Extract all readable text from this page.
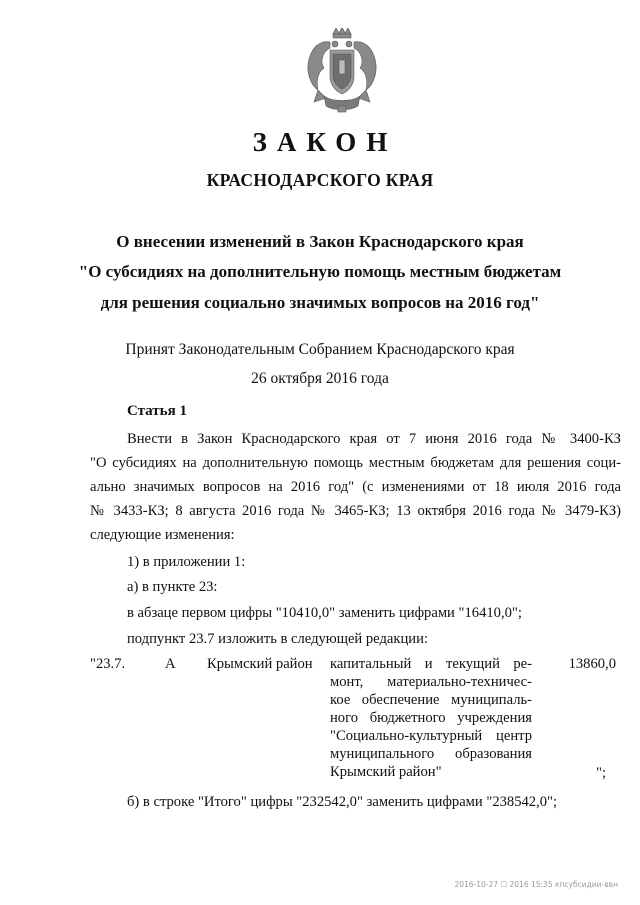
ЗАКОН
КРАСНОДАРСКОГО КРАЯ
О внесении изменений в Закон Краснодарского края
"О субсидиях на дополнительную помощь местным бюджетам
для решения социально значимых вопросов на 2016 год"
Принят Законодательным Собранием Краснодарского края
26 октября 2016 года
Статья 1
Внести в Закон Краснодарского края от 7 июня 2016 года № 3400-КЗ
"О субсидиях на дополнительную помощь местным бюджетам для решения соци-
ально значимых вопросов на 2016 год" (с изменениями от 18 июля 2016 года
№ 3433-КЗ; 8 августа 2016 года № 3465-КЗ; 13 октября 2016 года № 3479-КЗ)
следующие изменения:
1) в приложении 1:
а) в пункте 23:
в абзаце первом цифры "10410,0" заменить цифрами "16410,0";
подпункт 23.7 изложить в следующей редакции:
"23.7.	А Крымский район капитальный и текущий ре-
монт, материально-техничес-
кое обеспечение муниципаль-
ного бюджетного учреждения
"Социально-культурный центр
муниципального образования
Крымский район"
13860,0
";
б) в строке "Итого" цифры "232542,0" заменить цифрами "238542,0";
2016-10-27 ☐ 2016 15:35 кпсубсидии-ввн
